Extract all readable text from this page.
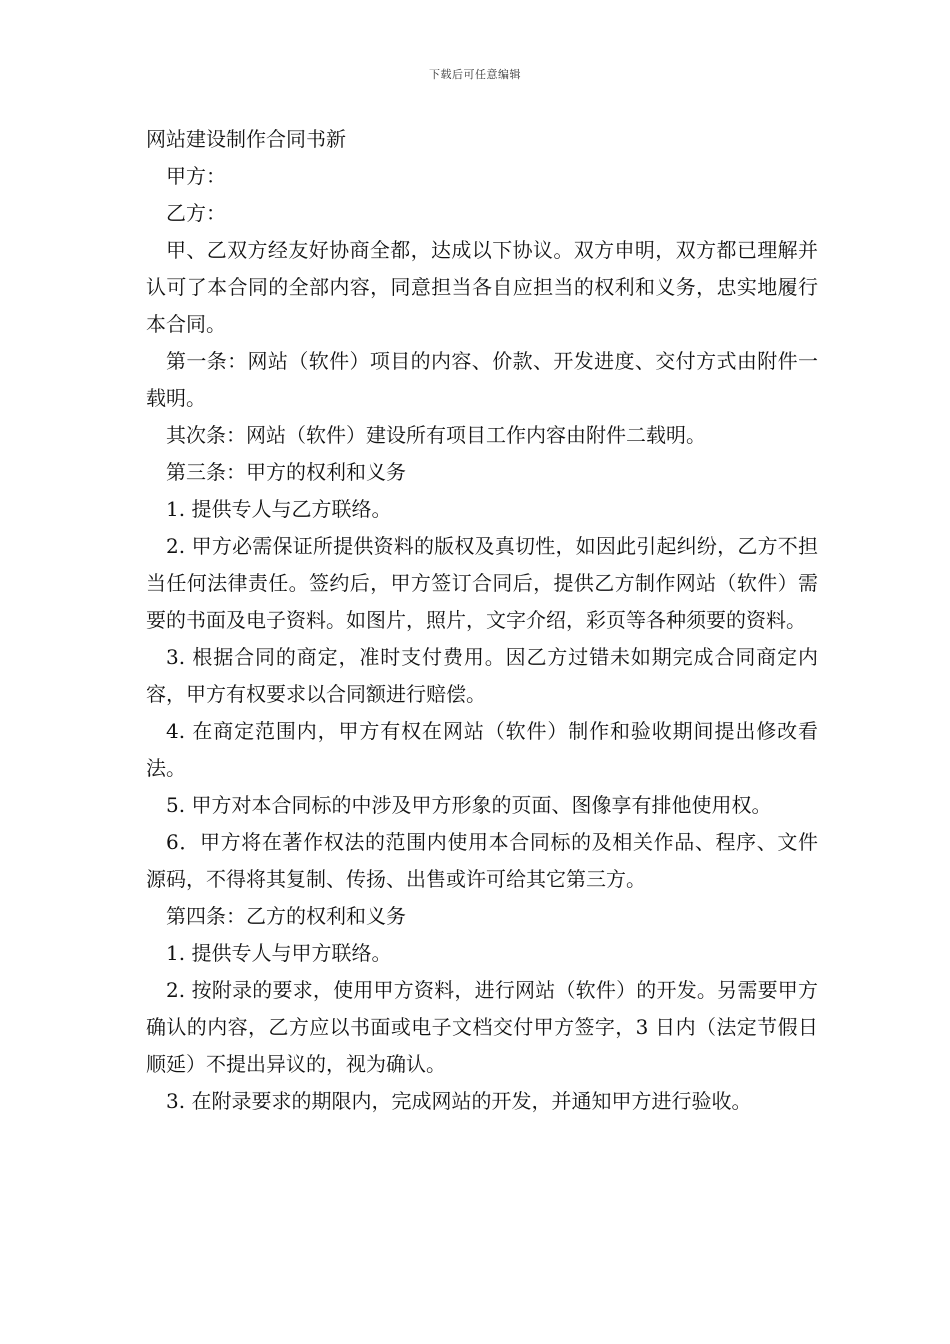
下载后可任意编辑

网站建设制作合同书新

甲方：

乙方：

甲、乙双方经友好协商全都，达成以下协议。双方申明，双方都已理解并认可了本合同的全部内容，同意担当各自应担当的权利和义务，忠实地履行本合同。

第一条：网站（软件）项目的内容、价款、开发进度、交付方式由附件一载明。

其次条：网站（软件）建设所有项目工作内容由附件二载明。

第三条：甲方的权利和义务

1. 提供专人与乙方联络。

2. 甲方必需保证所提供资料的版权及真切性，如因此引起纠纷，乙方不担当任何法律责任。签约后，甲方签订合同后，提供乙方制作网站（软件）需要的书面及电子资料。如图片，照片，文字介绍，彩页等各种须要的资料。

3. 根据合同的商定，准时支付费用。因乙方过错未如期完成合同商定内容，甲方有权要求以合同额进行赔偿。

4. 在商定范围内，甲方有权在网站（软件）制作和验收期间提出修改看法。

5. 甲方对本合同标的中涉及甲方形象的页面、图像享有排他使用权。

6．甲方将在著作权法的范围内使用本合同标的及相关作品、程序、文件源码，不得将其复制、传扬、出售或许可给其它第三方。

第四条：乙方的权利和义务

1. 提供专人与甲方联络。

2. 按附录的要求，使用甲方资料，进行网站（软件）的开发。另需要甲方确认的内容，乙方应以书面或电子文档交付甲方签字，3 日内（法定节假日顺延）不提出异议的，视为确认。

3. 在附录要求的期限内，完成网站的开发，并通知甲方进行验收。
